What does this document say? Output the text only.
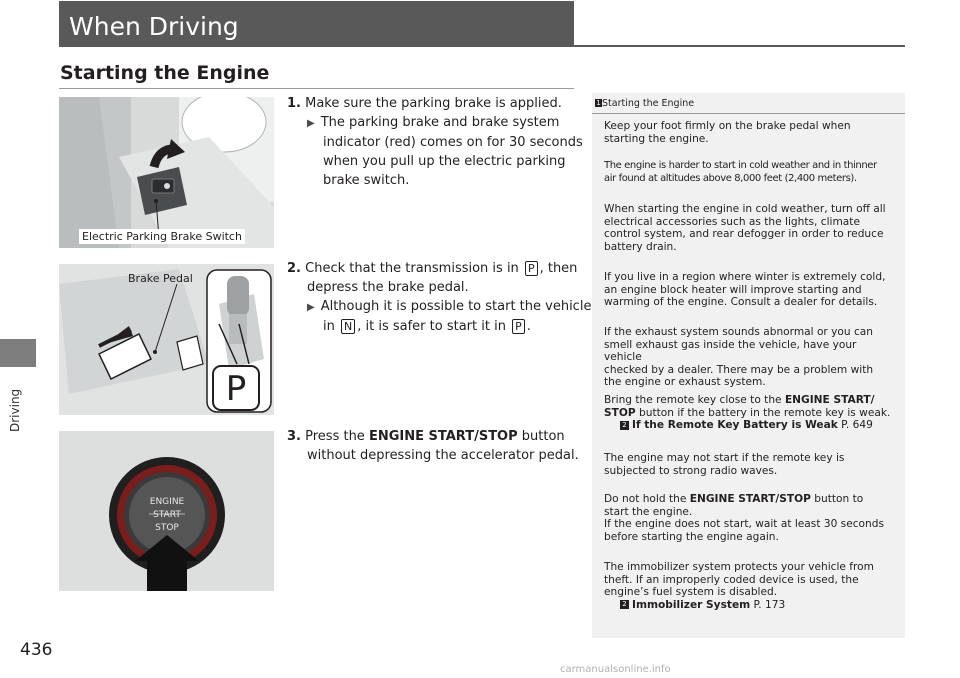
Driving
436
When Driving
Starting the Engine
Electric Parking Brake Switch
P
Brake Pedal
ENGINE
START
STOP

1. Make sure the parking brake is applied.

▶ The parking brake and brake system
indicator (red) comes on for 30 seconds
when you pull up the electric parking
brake switch.

2. Check that the transmission is in P , then

depress the brake pedal.
▶ Although it is possible to start the vehicle
in N , it is safer to start it in P .

3. Press the ENGINE START/STOP button

without depressing the accelerator pedal.
1 Starting the Engine

Keep your foot firmly on the brake pedal when

starting the engine.

The engine is harder to start in cold weather and in thinner

air found at altitudes above 8,000 feet (2,400 meters).

When starting the engine in cold weather, turn off all

electrical accessories such as the lights, climate

control system, and rear defogger in order to reduce

battery drain.

If you live in a region where winter is extremely cold,

an engine block heater will improve starting and

warming of the engine. Consult a dealer for details.

If the exhaust system sounds abnormal or you can

smell exhaust gas inside the vehicle, have your vehicle

checked by a dealer. There may be a problem with

the engine or exhaust system.

Bring the remote key close to the ENGINE START/

STOP button if the battery in the remote key is weak.

2 If the Remote Key Battery is Weak P. 649

The engine may not start if the remote key is

subjected to strong radio waves.

Do not hold the ENGINE START/STOP button to

start the engine.

If the engine does not start, wait at least 30 seconds

before starting the engine again.

The immobilizer system protects your vehicle from

theft. If an improperly coded device is used, the

engine’s fuel system is disabled.

2 Immobilizer System P. 173

carmanualsonline.info
